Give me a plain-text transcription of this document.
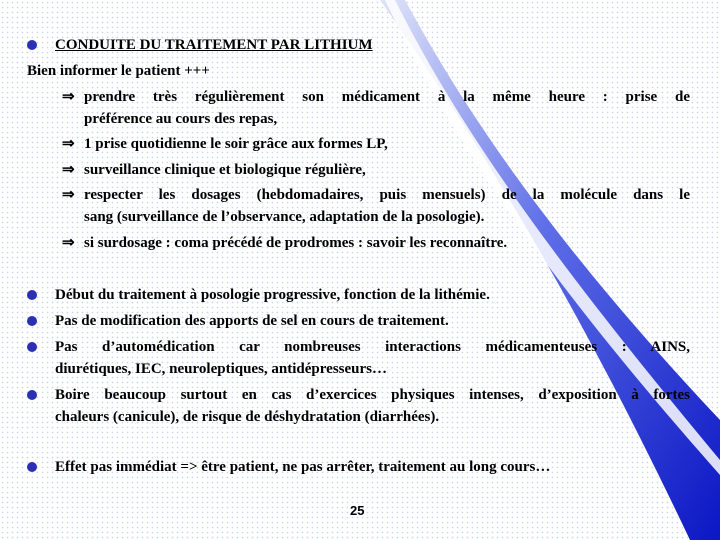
CONDUITE DU TRAITEMENT PAR LITHIUM
Bien informer le patient +++
⇒ prendre très régulièrement son médicament à la même heure : prise de
préférence au cours des repas,
⇒ 1 prise quotidienne le soir grâce aux formes LP,
⇒ surveillance clinique et biologique régulière,
⇒ respecter les dosages (hebdomadaires, puis mensuels) de la molécule dans le
sang (surveillance de l’observance, adaptation de la posologie).
⇒ si surdosage : coma précédé de prodromes : savoir les reconnaître.
Début du traitement à posologie progressive, fonction de la lithémie.
Pas de modification des apports de sel en cours de traitement.
Pas d’automédication car nombreuses interactions médicamenteuses : AINS,
diurétiques, IEC, neuroleptiques, antidépresseurs…
Boire beaucoup surtout en cas d’exercices physiques intenses, d’exposition à fortes
chaleurs (canicule), de risque de déshydratation (diarrhées).
Effet pas immédiat => être patient, ne pas arrêter, traitement au long cours…
25
